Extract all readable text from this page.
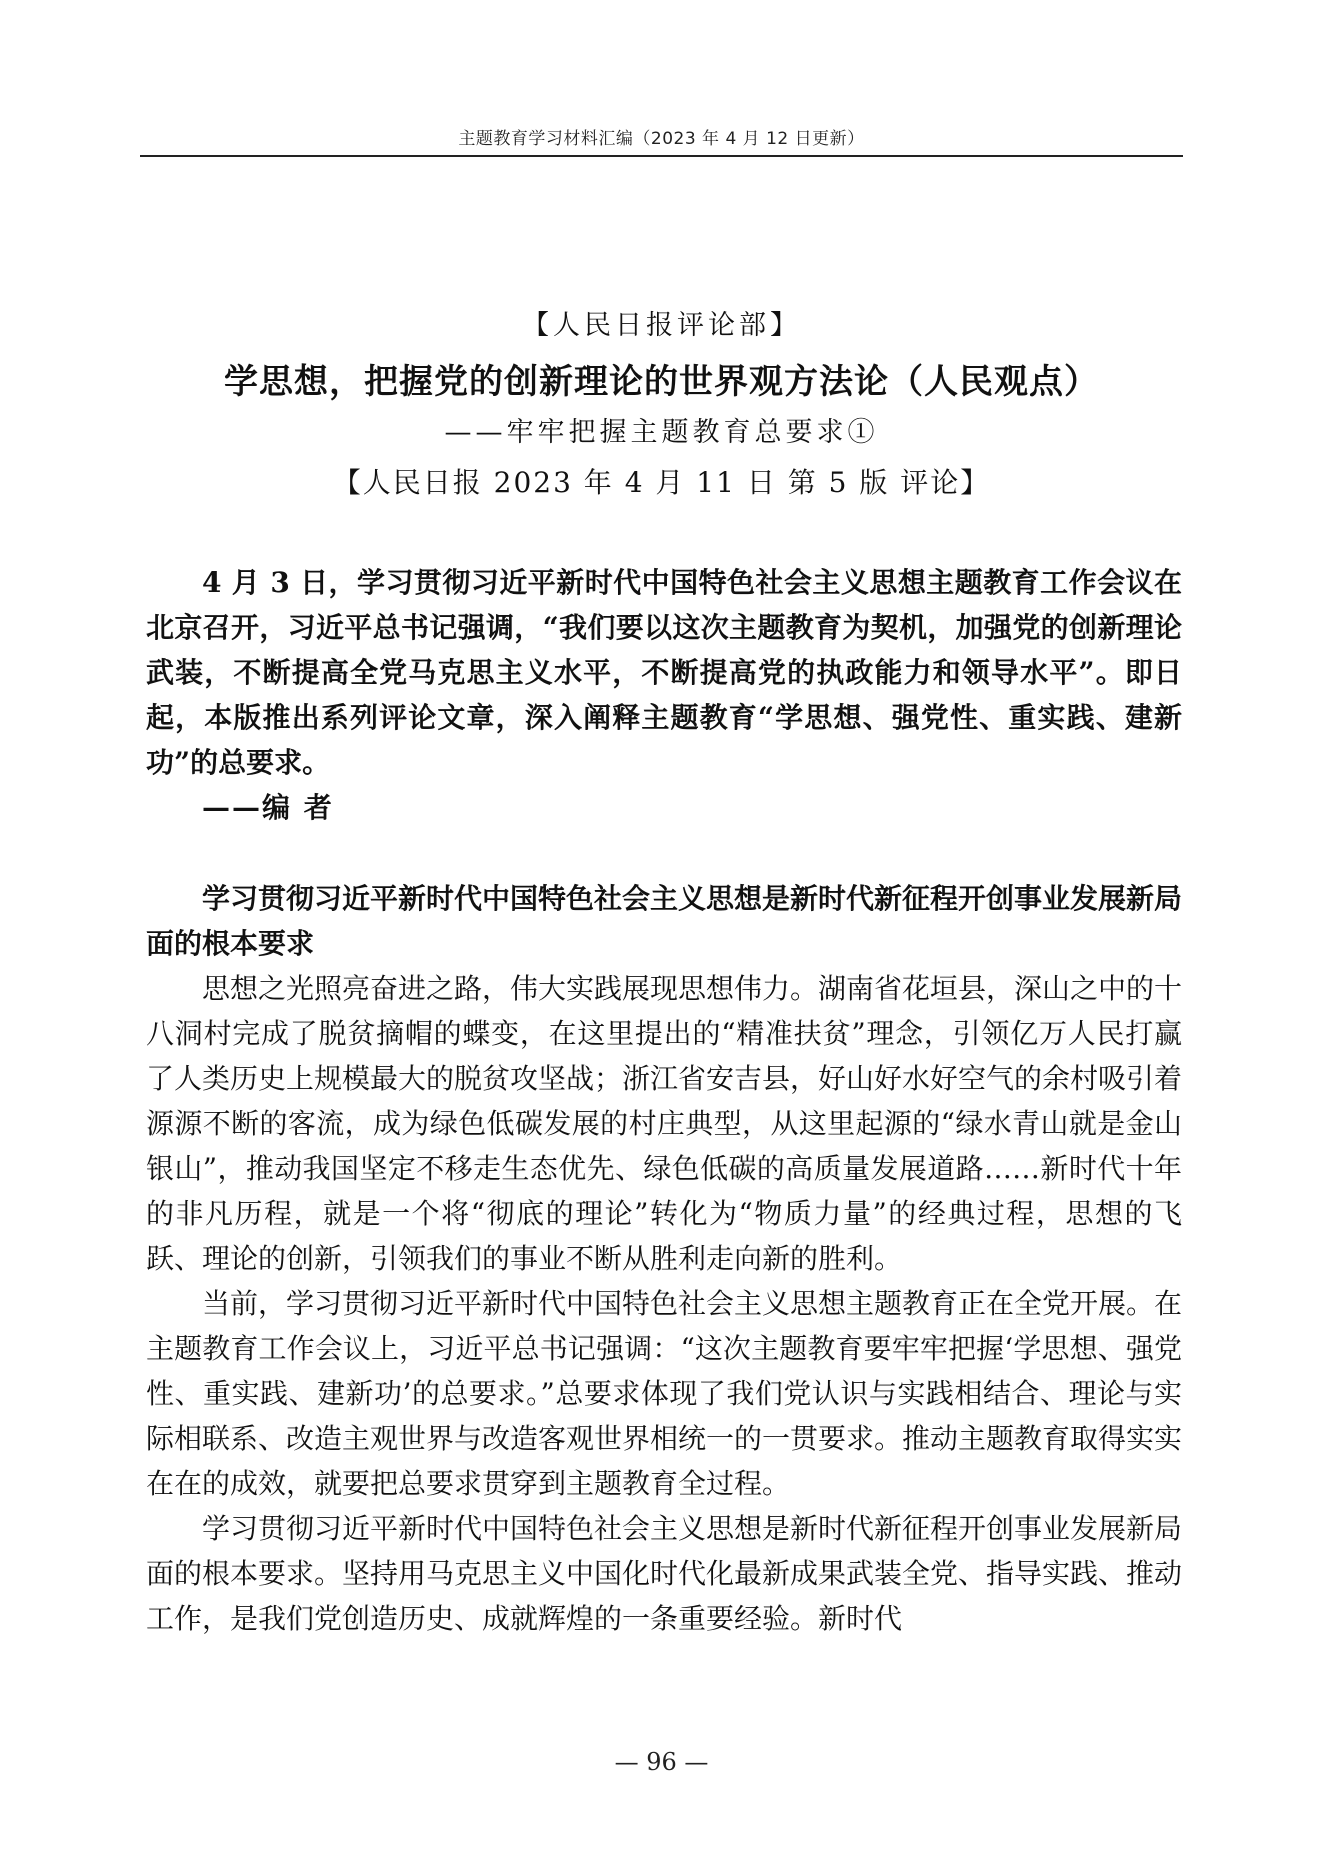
主题教育学习材料汇编（2023 年 4 月 12 日更新）
【人民日报评论部】
学思想，把握党的创新理论的世界观方法论（人民观点）
——牢牢把握主题教育总要求①
【人民日报 2023 年 4 月 11 日 第 5 版 评论】

4 月 3 日，学习贯彻习近平新时代中国特色社会主义思想主题教育工作会议在北京召开，习近平总书记强调，“我们要以这次主题教育为契机，加强党的创新理论武装，不断提高全党马克思主义水平，不断提高党的执政能力和领导水平”。即日起，本版推出系列评论文章，深入阐释主题教育“学思想、强党性、重实践、建新功”的总要求。

——编 者

学习贯彻习近平新时代中国特色社会主义思想是新时代新征程开创事业发展新局面的根本要求

思想之光照亮奋进之路，伟大实践展现思想伟力。湖南省花垣县，深山之中的十八洞村完成了脱贫摘帽的蝶变，在这里提出的“精准扶贫”理念，引领亿万人民打赢了人类历史上规模最大的脱贫攻坚战；浙江省安吉县，好山好水好空气的余村吸引着源源不断的客流，成为绿色低碳发展的村庄典型，从这里起源的“绿水青山就是金山银山”，推动我国坚定不移走生态优先、绿色低碳的高质量发展道路……新时代十年的非凡历程，就是一个将“彻底的理论”转化为“物质力量”的经典过程，思想的飞跃、理论的创新，引领我们的事业不断从胜利走向新的胜利。

当前，学习贯彻习近平新时代中国特色社会主义思想主题教育正在全党开展。在主题教育工作会议上，习近平总书记强调：“这次主题教育要牢牢把握‘学思想、强党性、重实践、建新功’的总要求。”总要求体现了我们党认识与实践相结合、理论与实际相联系、改造主观世界与改造客观世界相统一的一贯要求。推动主题教育取得实实在在的成效，就要把总要求贯穿到主题教育全过程。

学习贯彻习近平新时代中国特色社会主义思想是新时代新征程开创事业发展新局面的根本要求。坚持用马克思主义中国化时代化最新成果武装全党、指导实践、推动工作，是我们党创造历史、成就辉煌的一条重要经验。新时代

— 96 —
